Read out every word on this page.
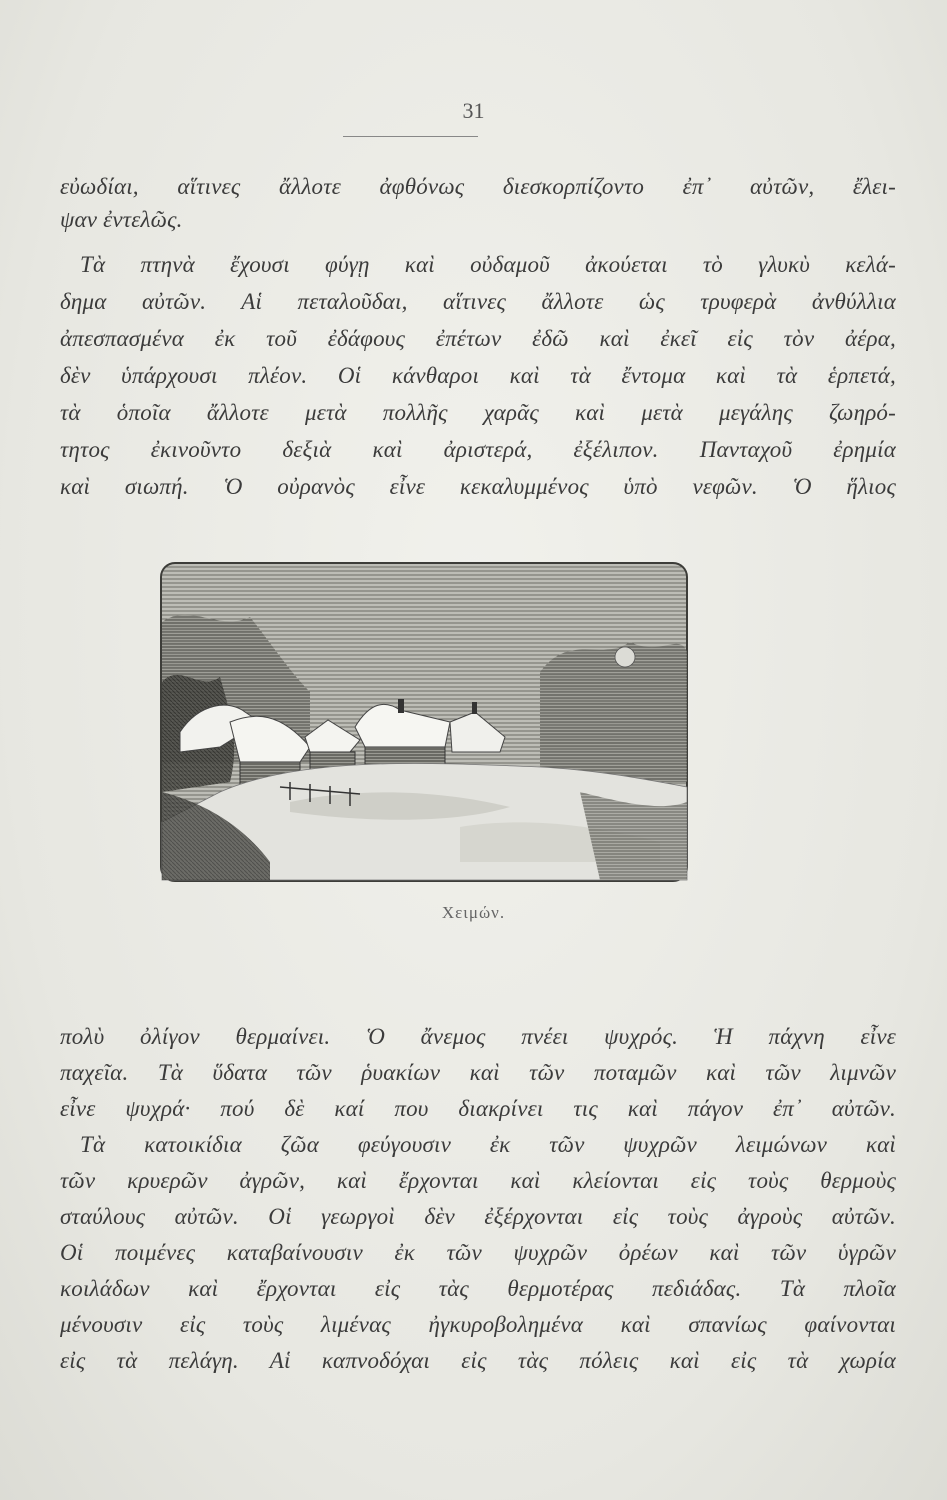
31
εὐωδίαι, αἵτινες ἄλλοτε ἀφθόνως διεσκορπίζοντο ἐπ᾽ αὐτῶν, ἔλει-
ψαν ἐντελῶς.
Τὰ πτηνὰ ἔχουσι φύγῃ καὶ οὐδαμοῦ ἀκούεται τὸ γλυκὺ κελά-
δημα αὐτῶν. Αἱ πεταλοῦδαι, αἵτινες ἄλλοτε ὡς τρυφερὰ ἀνθύλλια
ἀπεσπασμένα ἐκ τοῦ ἐδάφους ἐπέτων ἐδῶ καὶ ἐκεῖ εἰς τὸν ἀέρα,
δὲν ὑπάρχουσι πλέον. Οἱ κάνθαροι καὶ τὰ ἔντομα καὶ τὰ ἑρπετά,
τὰ ὁποῖα ἄλλοτε μετὰ πολλῆς χαρᾶς καὶ μετὰ μεγάλης ζωηρό-
τητος ἐκινοῦντο δεξιὰ καὶ ἀριστερά, ἐξέλιπον. Πανταχοῦ ἐρημία
καὶ σιωπή. Ὁ οὐρανὸς εἶνε κεκαλυμμένος ὑπὸ νεφῶν. Ὁ ἥλιος
Χειμών.
πολὺ ὀλίγον θερμαίνει. Ὁ ἄνεμος πνέει ψυχρός. Ἡ πάχνη εἶνε
παχεῖα. Τὰ ὕδατα τῶν ῥυακίων καὶ τῶν ποταμῶν καὶ τῶν λιμνῶν
εἶνε ψυχρά· πού δὲ καί που διακρίνει τις καὶ πάγον ἐπ᾽ αὐτῶν.
Τὰ κατοικίδια ζῶα φεύγουσιν ἐκ τῶν ψυχρῶν λειμώνων καὶ
τῶν κρυερῶν ἀγρῶν, καὶ ἔρχονται καὶ κλείονται εἰς τοὺς θερμοὺς
σταύλους αὐτῶν. Οἱ γεωργοὶ δὲν ἐξέρχονται εἰς τοὺς ἀγροὺς αὐτῶν.
Οἱ ποιμένες καταβαίνουσιν ἐκ τῶν ψυχρῶν ὀρέων καὶ τῶν ὑγρῶν
κοιλάδων καὶ ἔρχονται εἰς τὰς θερμοτέρας πεδιάδας. Τὰ πλοῖα
μένουσιν εἰς τοὺς λιμένας ἠγκυροβολημένα καὶ σπανίως φαίνονται
εἰς τὰ πελάγη. Αἱ καπνοδόχαι εἰς τὰς πόλεις καὶ εἰς τὰ χωρία
